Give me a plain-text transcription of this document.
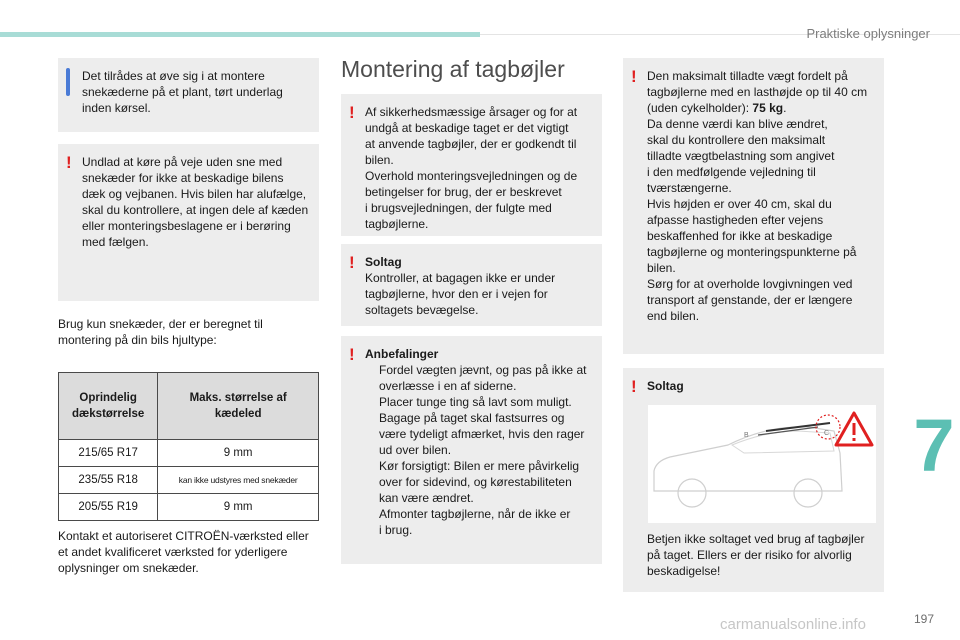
Praktiske oplysninger
Det tilrådes at øve sig i at montere
snekæderne på et plant, tørt underlag
inden kørsel.
! Undlad at køre på veje uden sne med
snekæder for ikke at beskadige bilens
dæk og vejbanen. Hvis bilen har alufælge,
skal du kontrollere, at ingen dele af kæden
eller monteringsbeslagene er i berøring
med fælgen.
Brug kun snekæder, der er beregnet til
montering på din bils hjultype:
Oprindelig
dækstørrelse	Maks. størrelse af
kædeled
215/65 R17	9 mm
235/55 R18	kan ikke udstyres med snekæder
205/55 R19	9 mm
Kontakt et autoriseret CITROËN-værksted eller
et andet kvalificeret værksted for yderligere
oplysninger om snekæder.
Montering af tagbøjler
! Af sikkerhedsmæssige årsager og for at
undgå at beskadige taget er det vigtigt
at anvende tagbøjler, der er godkendt til
bilen.
Overhold monteringsvejledningen og de
betingelser for brug, der er beskrevet
i brugsvejledningen, der fulgte med
tagbøjlerne.
! Soltag
Kontroller, at bagagen ikke er under
tagbøjlerne, hvor den er i vejen for
soltagets bevægelse.
! Anbefalinger
Fordel vægten jævnt, og pas på ikke at
overlæsse i en af siderne.
Placer tunge ting så lavt som muligt.
Bagage på taget skal fastsurres og
være tydeligt afmærket, hvis den rager
ud over bilen.
Kør forsigtigt: Bilen er mere påvirkelig
over for sidevind, og kørestabiliteten
kan være ændret.
Afmonter tagbøjlerne, når de ikke er
i brug.
! Den maksimalt tilladte vægt fordelt på
tagbøjlerne med en lasthøjde op til 40 cm
(uden cykelholder): 75 kg.
Da denne værdi kan blive ændret,
skal du kontrollere den maksimalt
tilladte vægtbelastning som angivet
i den medfølgende vejledning til
tværstængerne.
Hvis højden er over 40 cm, skal du
afpasse hastigheden efter vejens
beskaffenhed for ikke at beskadige
tagbøjlerne og monteringspunkterne på
bilen.
Sørg for at overholde lovgivningen ved
transport af genstande, der er længere
end bilen.
! Soltag
Betjen ikke soltaget ved brug af tagbøjler
på taget. Ellers er der risiko for alvorlig
beskadigelse!
B	C 7
carmanualsonline.info	197
